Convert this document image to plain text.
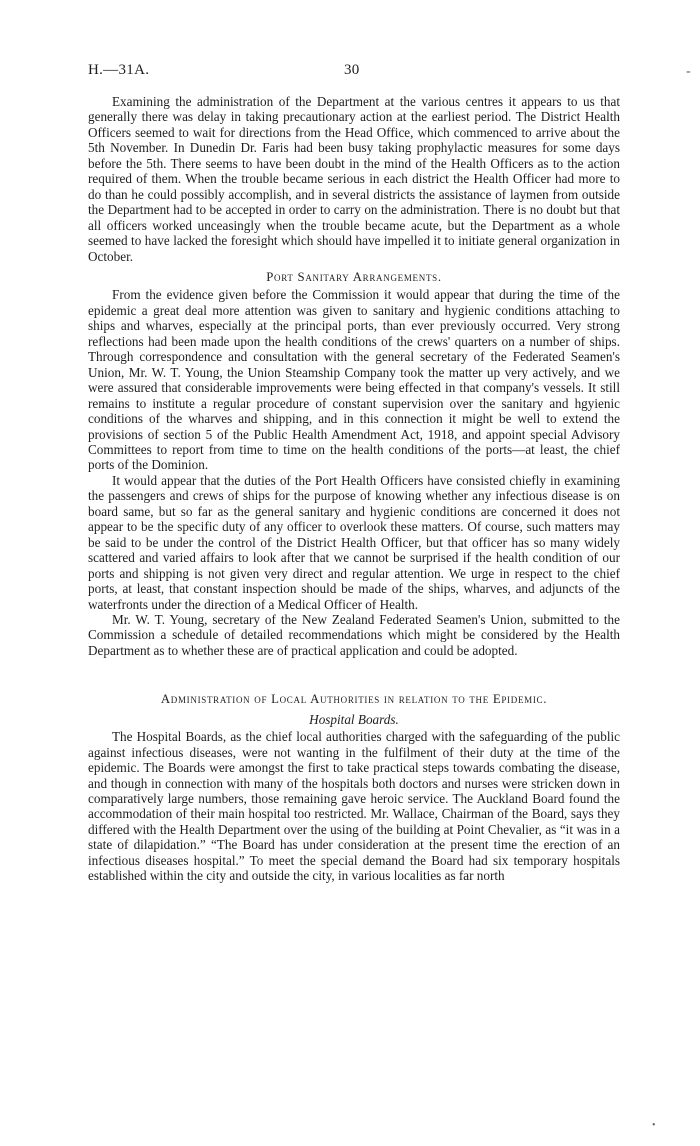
H.—31A.	30	-

Examining the administration of the Department at the various centres it appears to us that generally there was delay in taking precautionary action at the earliest period. The District Health Officers seemed to wait for directions from the Head Office, which commenced to arrive about the 5th November. In Dunedin Dr. Faris had been busy taking prophylactic measures for some days before the 5th. There seems to have been doubt in the mind of the Health Officers as to the action required of them. When the trouble became serious in each district the Health Officer had more to do than he could possibly accomplish, and in several districts the assistance of laymen from outside the Department had to be accepted in order to carry on the administration. There is no doubt but that all officers worked unceasingly when the trouble became acute, but the Department as a whole seemed to have lacked the foresight which should have impelled it to initiate general organization in October.

Port Sanitary Arrangements.

From the evidence given before the Commission it would appear that during the time of the epidemic a great deal more attention was given to sanitary and hygienic conditions attaching to ships and wharves, especially at the principal ports, than ever previously occurred. Very strong reflections had been made upon the health conditions of the crews' quarters on a number of ships. Through correspondence and consultation with the general secretary of the Federated Seamen's Union, Mr. W. T. Young, the Union Steamship Company took the matter up very actively, and we were assured that considerable improvements were being effected in that company's vessels. It still remains to institute a regular procedure of constant supervision over the sanitary and hgyienic conditions of the wharves and shipping, and in this connection it might be well to extend the provisions of section 5 of the Public Health Amendment Act, 1918, and appoint special Advisory Committees to report from time to time on the health conditions of the ports—at least, the chief ports of the Dominion.

It would appear that the duties of the Port Health Officers have consisted chiefly in examining the passengers and crews of ships for the purpose of knowing whether any infectious disease is on board same, but so far as the general sanitary and hygienic conditions are concerned it does not appear to be the specific duty of any officer to overlook these matters. Of course, such matters may be said to be under the control of the District Health Officer, but that officer has so many widely scattered and varied affairs to look after that we cannot be surprised if the health condition of our ports and shipping is not given very direct and regular attention. We urge in respect to the chief ports, at least, that constant inspection should be made of the ships, wharves, and adjuncts of the waterfronts under the direction of a Medical Officer of Health.

Mr. W. T. Young, secretary of the New Zealand Federated Seamen's Union, submitted to the Commission a schedule of detailed recommendations which might be considered by the Health Department as to whether these are of practical application and could be adopted.

Administration of Local Authorities in relation to the Epidemic.
Hospital Boards.

The Hospital Boards, as the chief local authorities charged with the safeguarding of the public against infectious diseases, were not wanting in the fulfilment of their duty at the time of the epidemic. The Boards were amongst the first to take practical steps towards combating the disease, and though in connection with many of the hospitals both doctors and nurses were stricken down in comparatively large numbers, those remaining gave heroic service. The Auckland Board found the accommodation of their main hospital too restricted. Mr. Wallace, Chairman of the Board, says they differed with the Health Department over the using of the building at Point Chevalier, as “it was in a state of dilapidation.” “The Board has under consideration at the present time the erection of an infectious diseases hospital.” To meet the special demand the Board had six temporary hospitals established within the city and outside the city, in various localities as far north

•
